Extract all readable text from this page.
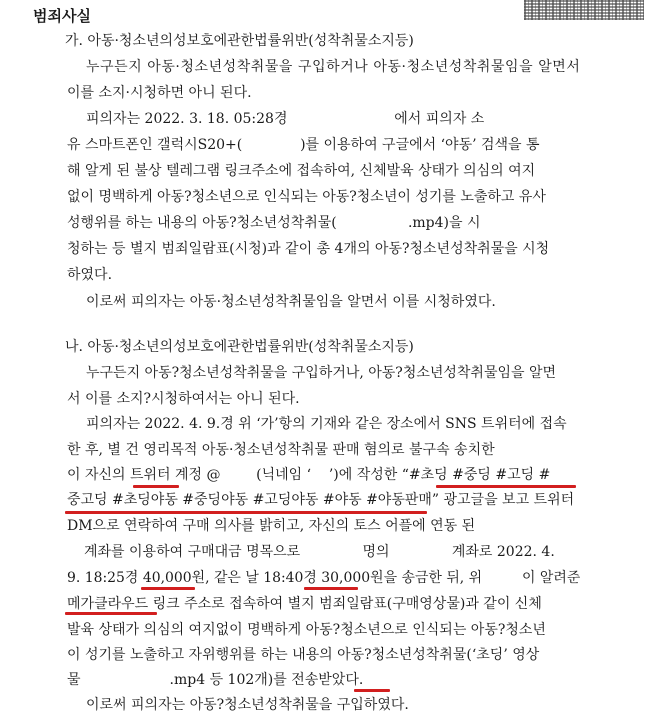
범죄사실
가. 아동·청소년의성보호에관한법률위반(성착취물소지등)
누구든지 아동·청소년성착취물을 구입하거나 아동·청소년성착취물임을 알면서
이를 소지·시청하면 아니 된다.
피의자는 2022. 3. 18. 05:28경                        에서 피의자 소
유 스마트폰인 갤럭시S20+(             )를 이용하여 구글에서 ‘야동’ 검색을 통
해 알게 된 불상 텔레그램 링크주소에 접속하여, 신체발육 상태가 의심의 여지
없이 명백하게 아동?청소년으로 인식되는 아동?청소년이 성기를 노출하고 유사
성행위를 하는 내용의 아동?청소년성착취물(                .mp4)을 시
청하는 등 별지 범죄일람표(시청)과 같이 총 4개의 아동?청소년성착취물을 시청
하였다.
이로써 피의자는 아동·청소년성착취물임을 알면서 이를 시청하였다.
나. 아동·청소년의성보호에관한법률위반(성착취물소지등)
누구든지 아동?청소년성착취물을 구입하거나, 아동?청소년성착취물임을 알면
서 이를 소지?시청하여서는 아니 된다.
피의자는 2022. 4. 9.경 위 ‘가’항의 기재와 같은 장소에서 SNS 트위터에 접속
한 후, 별 건 영리목적 아동·청소년성착취물 판매 혐의로 불구속 송치한
이 자신의 트위터 계정 @        (닉네임 ‘    ’)에 작성한 “#초딩 #중딩 #고딩 #
중고딩 #초딩야동 #중딩야동 #고딩야동 #야동 #야동판매” 광고글을 보고 트위터
DM으로 연락하여 구매 의사를 밝히고, 자신의 토스 어플에 연동 된
계좌를 이용하여 구매대금 명목으로              명의              계좌로 2022. 4.
9. 18:25경 40,000원, 같은 날 18:40경 30,000원을 송금한 뒤, 위         이 알려준
메가클라우드 링크 주소로 접속하여 별지 범죄일람표(구매영상물)과 같이 신체
발육 상태가 의심의 여지없이 명백하게 아동?청소년으로 인식되는 아동?청소년
이 성기를 노출하고 자위행위를 하는 내용의 아동?청소년성착취물(‘초딩’ 영상
물                    .mp4 등 102개)를 전송받았다.
이로써 피의자는 아동?청소년성착취물을 구입하였다.
